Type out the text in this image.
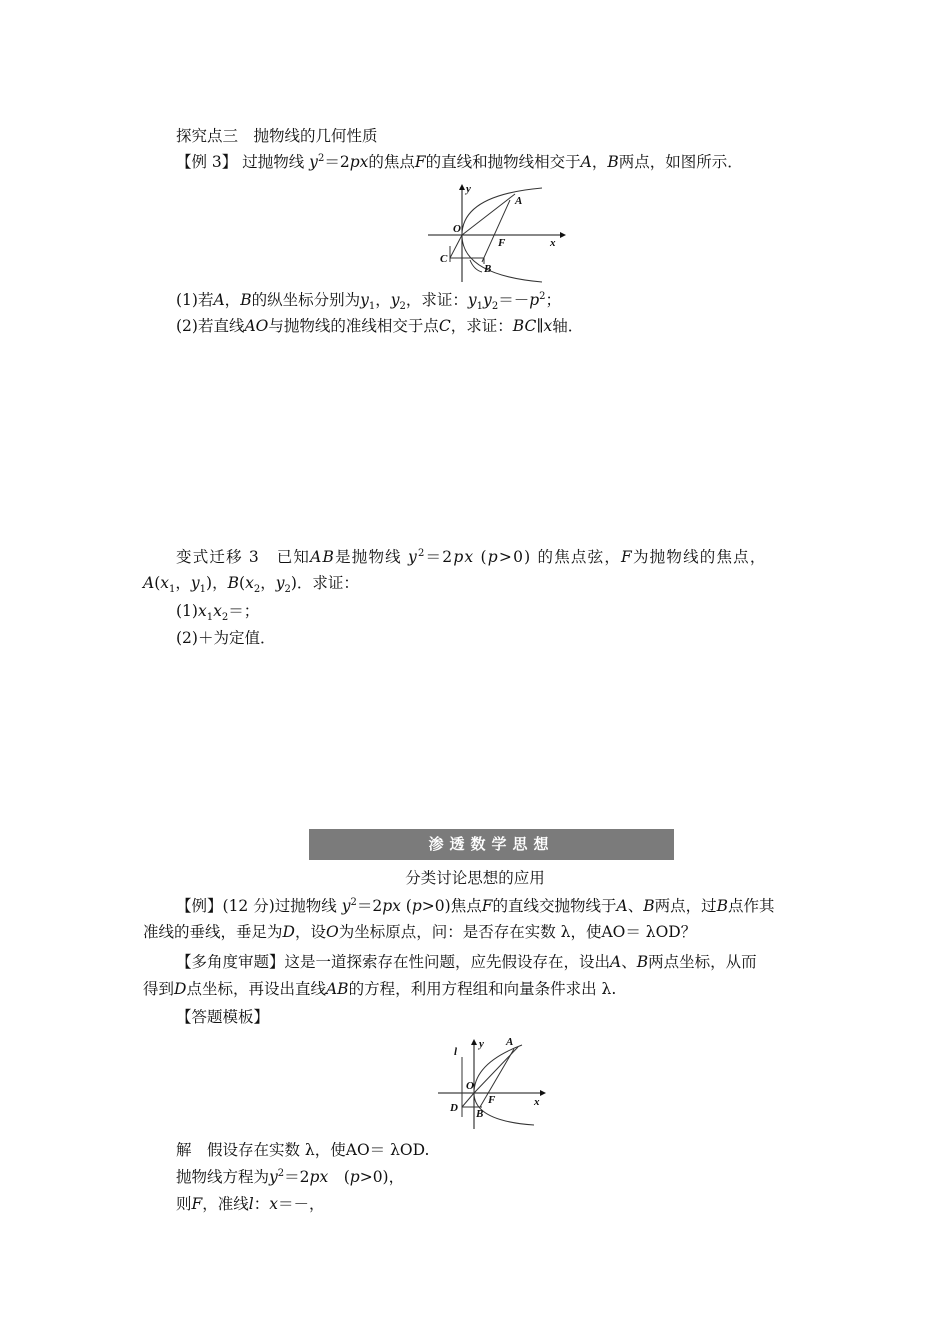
探究点三　抛物线的几何性质
【例 3】 过抛物线 $y^2=2px$的焦点F的直线和抛物线相交于A，B两点，如图所示．
y
x
O
A
F
C
B
(1)若A，B的纵坐标分别为$y_1$，$y_2$，求证：$y_1y_2=-p^2$；
(2)若直线AO与抛物线的准线相交于点C，求证：BC∥x轴．
变式迁移 3　已知AB是抛物线 $y^2=2px$ (p>0) 的焦点弦，F为抛物线的焦点，
$A(x_1$，$y_1$)，$B(x_2$，$y_2$)．求证：
$(1)x_1x_2=$；
(2)＋为定值．
渗透数学思想
分类讨论思想的应用
【例】(12 分)过抛物线 $y^2=2px$ (p>0)焦点F的直线交抛物线于A、B两点，过B点作其
准线的垂线，垂足为D，设O为坐标原点，问：是否存在实数 λ，使AO＝ λOD？
【多角度审题】这是一道探索存在性问题，应先假设存在，设出A、B两点坐标，从而
得到D点坐标，再设出直线AB的方程，利用方程组和向量条件求出 λ.
【答题模板】
l
y
x
O
A
F
D B
解　假设存在实数 λ，使AO＝ λOD.
抛物线方程为$y^2=2px$　(p>0)，
则F，准线l：x＝－，
